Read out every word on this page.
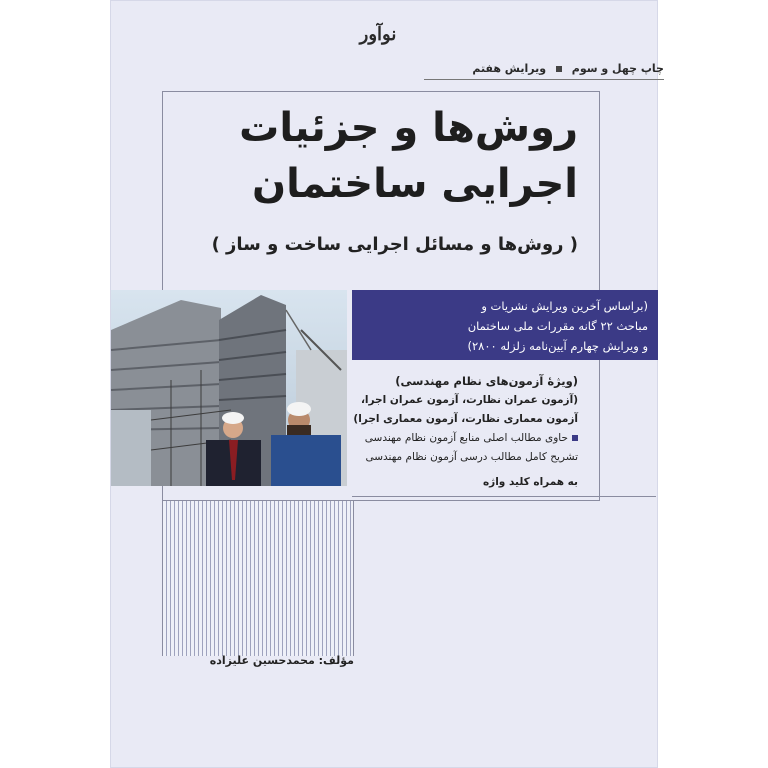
نوآور
چاپ چهل و سوم  ویرایش هفتم
روش‌ها و جزئیات
اجرایی ساختمان
( روش‌ها و مسائل اجرایی ساخت و ساز )
(براساس آخرین ویرایش نشریات و
مباحث ۲۲ گانه مقررات ملی ساختمان
و ویرایش چهارم آیین‌نامه زلزله ۲۸۰۰)
(ویژهٔ آزمون‌های نظام مهندسی)
(آزمون عمران نظارت، آزمون عمران اجرا،
آزمون معماری نظارت، آزمون معماری اجرا)
حاوی مطالب اصلی منابع آزمون نظام مهندسی
تشریح کامل مطالب درسی آزمون نظام مهندسی
به همراه کلید واژه
مؤلف: محمدحسین علیزاده
